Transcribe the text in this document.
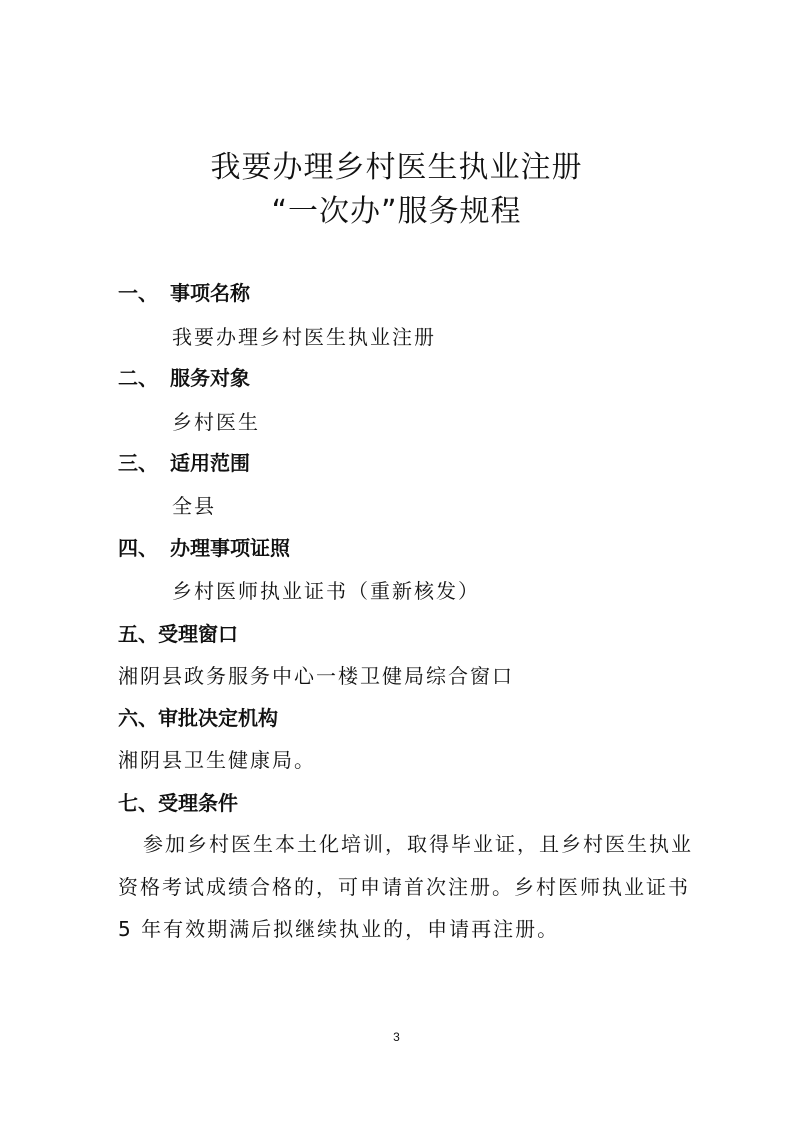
我要办理乡村医生执业注册
“一次办”服务规程
一、 事项名称
我要办理乡村医生执业注册
二、 服务对象
乡村医生
三、 适用范围
全县
四、 办理事项证照
乡村医师执业证书（重新核发）
五、受理窗口
湘阴县政务服务中心一楼卫健局综合窗口
六、审批决定机构
湘阴县卫生健康局。
七、受理条件
参加乡村医生本土化培训，取得毕业证，且乡村医生执业
资格考试成绩合格的，可申请首次注册。乡村医师执业证书
5 年有效期满后拟继续执业的，申请再注册。
3
